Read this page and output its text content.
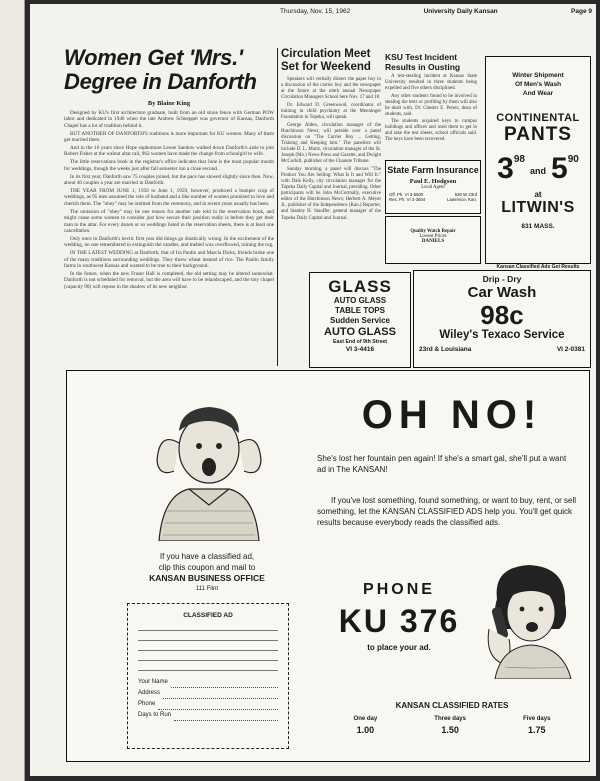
Thursday, Nov. 15, 1962	University Daily Kansan	Page 9
Women Get 'Mrs.'
Degree in Danforth
By Blaine King

Designed by KU's first architecture graduate, built from an old stone fence with German POW labor and dedicated in 1946 when the late Andrew Schoeppel was governor of Kansas, Danforth Chapel has a lot of tradition behind it.

BUT ANOTHER OF DANFORTH'S traditions is more important for KU women. Many of them get married there.

And in the 16 years since Hope sophomore Leone Sandow walked down Danforth's aisle to join Robert Fisher at the walnut altar rail, 962 women have made the change from schoolgirl to wife.

The little reservations book in the registrar's office indicates that June is the most popular month for weddings, though the weeks just after fall semester run a close second.

In its first year, Danforth saw 75 couples joined, but the pace has slowed slightly since then. Now, about 40 couples a year are married in Danforth.

THE YEAR FROM JUNE 1, 1958 to June 1, 1959, however, produced a bumper crop of weddings, as 95 men assumed the role of husband and a like number of women promised to love and cherish them. The "obey" may be omitted from the ceremony, and in recent years usually has been.

The omission of "obey" may be one reason for another tale told in the reservation book, and might cause some women to consider just how secure their position really is before they get their man to the altar. For every dozen or so weddings listed in the reservation sheets, there is at least one cancellation.

Only once in Danforth's hectic first year did things go drastically wrong. In the excitement of the wedding, no one remembered to extinguish the candles, and melted wax overflowed, ruining the rug.

IN THE LATEST WEDDING at Danforth, that of Ira Paulin and Marcia Dicks, friends broke one of the many traditions surrounding weddings. They threw wheat instead of rice. The Paulin family farms in southwest Kansas and wanted to be true to their background.

In the future, when the new Fraser Hall is completed, the old setting may be altered somewhat. Danforth is not scheduled for removal, but the area will have to be relandscaped, and the tiny chapel (capacity 90) will repose in the shadow of its new neighbor.

Circulation Meet
Set for Weekend

Speakers will verbally dissect the paper boy in a discussion of the carrier boy and the newspaper at the future at the ninth annual Newspaper Circulation Managers School here Nov. 17 and 18.

Dr. Edward D. Greenwood, coordinator of training in child psychiatry at the Menninger Foundation in Topeka, will speak.

George Alden, circulation manager of the Hutchinson News, will preside over a panel discussion on "The Carrier Boy ... Getting, Training and Keeping him." The panelists will include D. L. Martz, circulation manager of the St. Joseph (Mo.) News-Press and Gazette, and Dwight McCorkill, publisher of the Chanute Tribune.

Sunday morning, a panel will discuss "The Product You Are Selling: What Is It and Will It." with Dale Kelly, city circulation manager for the Topeka Daily Capital and Journal, presiding. Other participants will be John McCormally, executive editor of the Hutchinson News; Herbert A. Meyer Jr., publisher of the Independence (Kan.) Reporter, and Stanley H. Stauffer, general manager of the Topeka Daily Capital and Journal.

KSU Test Incident
Results in Ousting

A test-stealing incident at Kansas State University resulted in three students being expelled and five others disciplined.

Any other students found to be involved in stealing the tests or profiting by them will also be dealt with, Dr. Chester E. Peters, dean of students, said.

The students acquired keys to campus buildings and offices and used them to get in and take the test sheets, school officials said. The keys have been recovered.

State Farm Insurance
Paul E. Hodgson
Local Agent
Off. Ph. VI 3-5600	530 W 23rd
Res. Ph. VI 3-3604	Lawrence, Kan.
Quality Watch Repair
Lowest Prices
DANIELS
Winter Shipment
Of Men's Wash
And Wear
CONTINENTAL
PANTS
3 98
and 5 90
at
LITWIN'S
831 MASS.
Kansan Classified Ads Get Results
GLASS
AUTO GLASS
TABLE TOPS
Sudden Service
AUTO GLASS
East End of 9th Street
VI 3-4416
Drip - Dry
Car Wash
98c
Wiley's Texaco Service
23rd & Louisiana	VI 2-0381
OH NO!
She's lost her fountain pen again! If she's a smart gal, she'll put a want ad in The KANSAN!
If you've lost something, found something, or want to buy, rent, or sell something, let the KANSAN CLASSIFIED ADS help you. You'll get quick results because everybody reads the classified ads.
If you have a classified ad,
clip this coupon and mail to
KANSAN BUSINESS OFFICE
111 Flint
CLASSIFIED AD
Your Name
Address
Phone
Days to Run
PHONE
KU 376
to place your ad.
KANSAN CLASSIFIED RATES
One day
1.00
Three days
1.50
Five days
1.75
